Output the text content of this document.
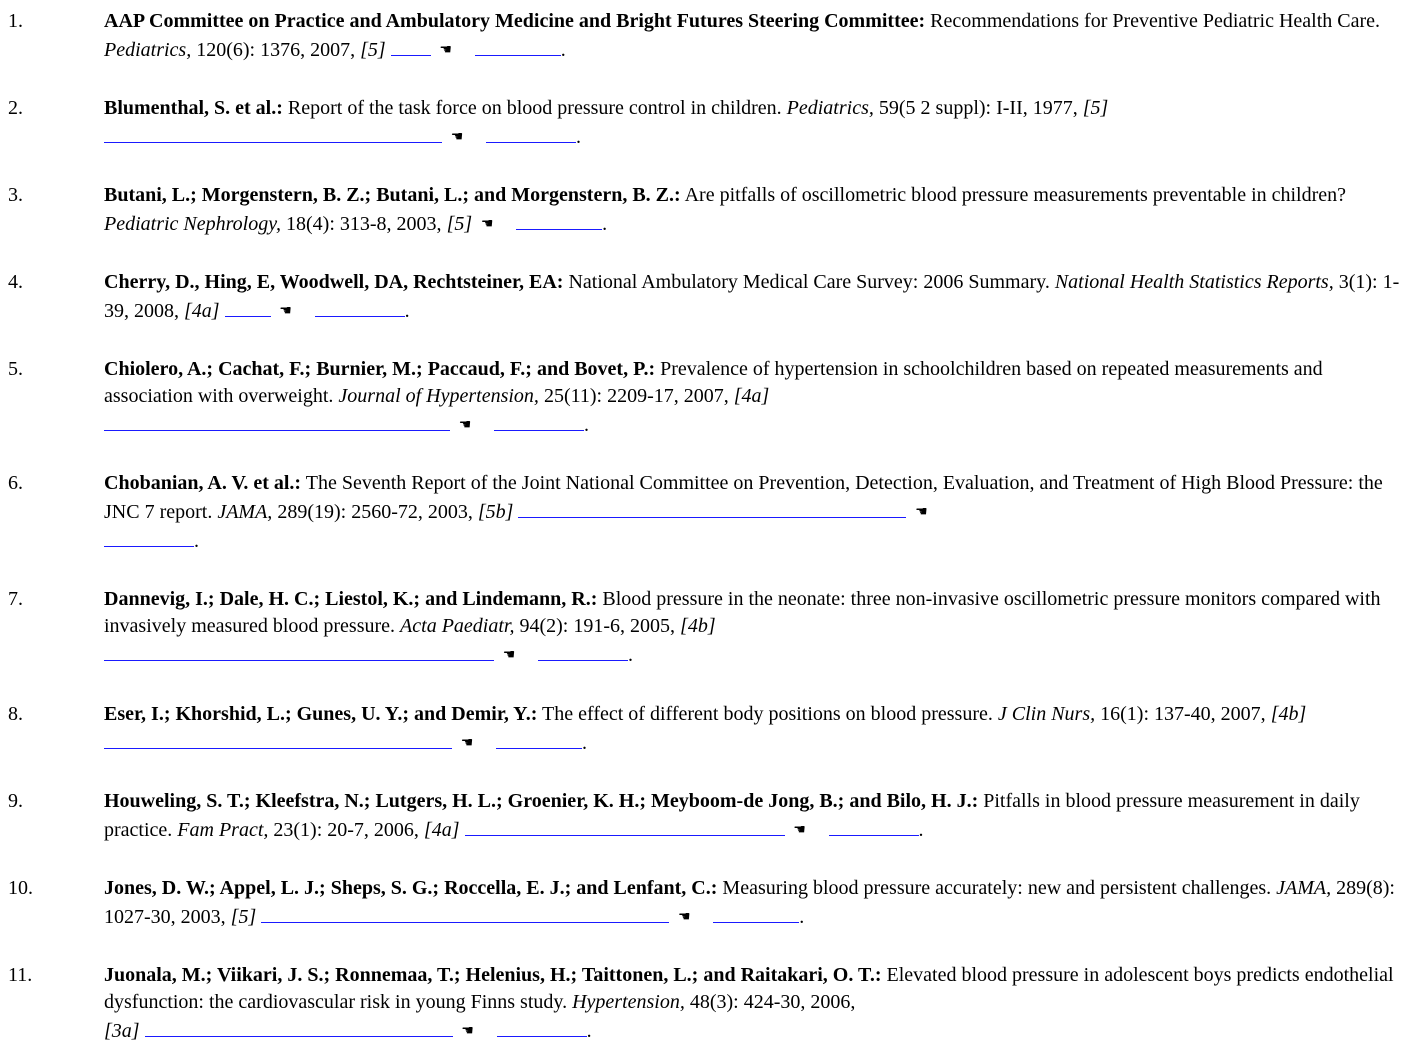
1.	AAP Committee on Practice and Ambulatory Medicine and Bright Futures Steering Committee: Recommendations for Preventive Pediatric Health Care. Pediatrics, 120(6): 1376, 2007, [5]	☚	.
2.	Blumenthal, S. et al.: Report of the task force on blood pressure control in children. Pediatrics, 59(5 2 suppl): I-II, 1977, [5] ☚	.
3.	Butani, L.; Morgenstern, B. Z.; Butani, L.; and Morgenstern, B. Z.: Are pitfalls of oscillometric blood pressure measurements preventable in children? Pediatric Nephrology, 18(4): 313-8, 2003, [5] ☚	.
4.	Cherry, D., Hing, E, Woodwell, DA, Rechtsteiner, EA: National Ambulatory Medical Care Survey: 2006 Summary. National Health Statistics Reports, 3(1): 1-39, 2008, [4a]	☚	.
5.	Chiolero, A.; Cachat, F.; Burnier, M.; Paccaud, F.; and Bovet, P.: Prevalence of hypertension in schoolchildren based on repeated measurements and association with overweight. Journal of Hypertension, 25(11): 2209-17, 2007, [4a]
☚	.
6.	Chobanian, A. V. et al.: The Seventh Report of the Joint National Committee on Prevention, Detection, Evaluation, and Treatment of High Blood Pressure: the JNC 7 report. JAMA, 289(19): 2560-72, 2003, [5b]	☚
.
7.	Dannevig, I.; Dale, H. C.; Liestol, K.; and Lindemann, R.: Blood pressure in the neonate: three non-invasive oscillometric pressure monitors compared with invasively measured blood pressure. Acta Paediatr, 94(2): 191-6, 2005, [4b]
☚	.
8.	Eser, I.; Khorshid, L.; Gunes, U. Y.; and Demir, Y.: The effect of different body positions on blood pressure. J Clin Nurs, 16(1): 137-40, 2007, [4b] ☚	.
9.	Houweling, S. T.; Kleefstra, N.; Lutgers, H. L.; Groenier, K. H.; Meyboom-de Jong, B.; and Bilo, H. J.: Pitfalls in blood pressure measurement in daily practice. Fam Pract, 23(1): 20-7, 2006, [4a]	☚	.
10.	Jones, D. W.; Appel, L. J.; Sheps, S. G.; Roccella, E. J.; and Lenfant, C.: Measuring blood pressure accurately: new and persistent challenges. JAMA, 289(8): 1027-30, 2003, [5]	☚	.
11.	Juonala, M.; Viikari, J. S.; Ronnemaa, T.; Helenius, H.; Taittonen, L.; and Raitakari, O. T.: Elevated blood pressure in adolescent boys predicts endothelial dysfunction: the cardiovascular risk in young Finns study. Hypertension, 48(3): 424-30, 2006,
[3a]	☚	.
